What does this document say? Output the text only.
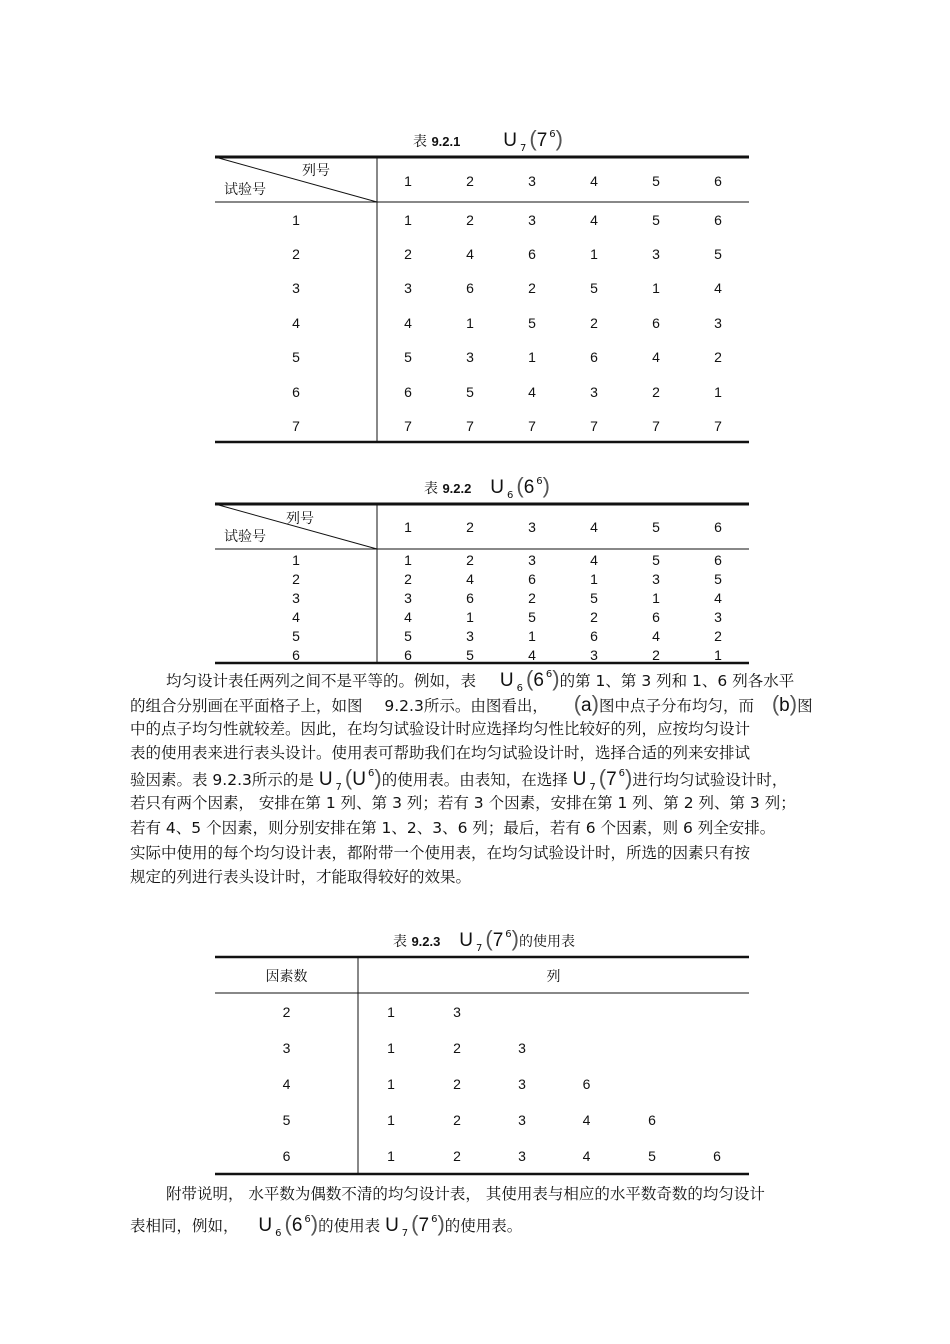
表 9.2.1 U $_7$ (7 $^6$)
列号
试验号
1	2	3	4	5	6
1	1	2	3	4	5	6
2	2	4	6	1	3	5
3	3	6	2	5	1	4
4	4	1	5	2	6	3
5	5	3	1	6	4	2
6	6	5	4	3	2	1
7	7	7	7	7	7	7
表 9.2.2 U $_6$ (6 $^6$)
列号
试验号
1	2	3	4	5	6
1	1	2	3	4	5	6
2	2	4	6	1	3	5
3	3	6	2	5	1	4
4	4	1	5	2	6	3
5	5	3	1	6	4	2
6	6	5	4	3	2	1
均匀设计表任两列之间不是平等的。例如，表 U $_6$ (6 $^6$)的第 1、第 3 列和 1、6 列各水平
的组合分别画在平面格子上，如图 9.2.3所示。由图看出， (a)图中点子分布均匀，而 (b)图
中的点子均匀性就较差。因此，在均匀试验设计时应选择均匀性比较好的列，应按均匀设计
表的使用表来进行表头设计。使用表可帮助我们在均匀试验设计时，选择合适的列来安排试
验因素。表 9.2.3所示的是 U $_7$ (U $^6$)的使用表。由表知，在选择 U $_7$ (7 $^6$)进行均匀试验设计时，
若只有两个因素， 安排在第 1 列、第 3 列；若有 3 个因素，安排在第 1 列、第 2 列、第 3 列；
若有 4、5 个因素，则分别安排在第 1、2、3、6 列；最后，若有 6 个因素，则 6 列全安排。
实际中使用的每个均匀设计表，都附带一个使用表，在均匀试验设计时，所选的因素只有按
规定的列进行表头设计时，才能取得较好的效果。
表 9.2.3 U $_7$ (7 $^6$)的使用表
因素数	列
2	1	3				
3	1	2	3			
4	1	2	3	6		
5	1	2	3	4	6	
6	1	2	3	4	5	6
附带说明， 水平数为偶数不清的均匀设计表， 其使用表与相应的水平数奇数的均匀设计
表相同，例如， U $_6$ (6 $^6$)的使用表 U $_7$ (7 $^6$)的使用表。
